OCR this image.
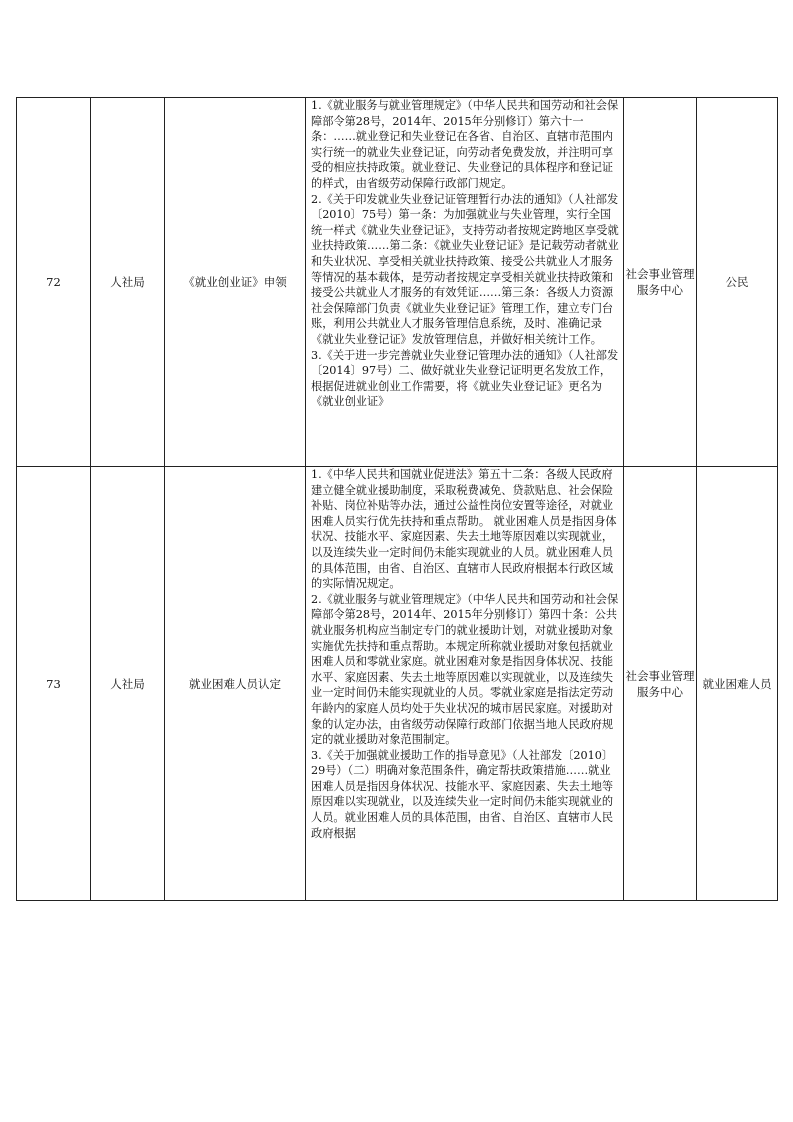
72	人社局	《就业创业证》申领	1.《就业服务与就业管理规定》（中华人民共和国劳动和社会保障部令第28号，2014年、2015年分别修订）第六十一条：……就业登记和失业登记在各省、自治区、直辖市范围内实行统一的就业失业登记证，向劳动者免费发放，并注明可享受的相应扶持政策。就业登记、失业登记的具体程序和登记证的样式，由省级劳动保障行政部门规定。

2.《关于印发就业失业登记证管理暂行办法的通知》（人社部发〔2010〕75号）第一条：为加强就业与失业管理，实行全国统一样式《就业失业登记证》，支持劳动者按规定跨地区享受就业扶持政策……第二条：《就业失业登记证》是记载劳动者就业和失业状况、享受相关就业扶持政策、接受公共就业人才服务等情况的基本载体，是劳动者按规定享受相关就业扶持政策和接受公共就业人才服务的有效凭证……第三条：各级人力资源社会保障部门负责《就业失业登记证》管理工作，建立专门台账，利用公共就业人才服务管理信息系统，及时、准确记录《就业失业登记证》发放管理信息，并做好相关统计工作。

3.《关于进一步完善就业失业登记管理办法的通知》（人社部发〔2014〕97号）二、做好就业失业登记证明更名发放工作，根据促进就业创业工作需要，将《就业失业登记证》更名为《就业创业证》	社会事业管理服务中心	公民
73	人社局	就业困难人员认定	1.《中华人民共和国就业促进法》第五十二条：各级人民政府建立健全就业援助制度，采取税费减免、贷款贴息、社会保险补贴、岗位补贴等办法，通过公益性岗位安置等途径，对就业困难人员实行优先扶持和重点帮助。 就业困难人员是指因身体状况、技能水平、家庭因素、失去土地等原因难以实现就业，以及连续失业一定时间仍未能实现就业的人员。就业困难人员的具体范围，由省、自治区、直辖市人民政府根据本行政区域的实际情况规定。

2.《就业服务与就业管理规定》（中华人民共和国劳动和社会保障部令第28号，2014年、2015年分别修订）第四十条：公共就业服务机构应当制定专门的就业援助计划，对就业援助对象实施优先扶持和重点帮助。本规定所称就业援助对象包括就业困难人员和零就业家庭。就业困难对象是指因身体状况、技能水平、家庭因素、失去土地等原因难以实现就业，以及连续失业一定时间仍未能实现就业的人员。零就业家庭是指法定劳动年龄内的家庭人员均处于失业状况的城市居民家庭。对援助对象的认定办法，由省级劳动保障行政部门依据当地人民政府规定的就业援助对象范围制定。

3.《关于加强就业援助工作的指导意见》（人社部发〔2010〕29号）（二）明确对象范围条件，确定帮扶政策措施……就业困难人员是指因身体状况、技能水平、家庭因素、失去土地等原因难以实现就业，以及连续失业一定时间仍未能实现就业的人员。就业困难人员的具体范围，由省、自治区、直辖市人民政府根据	社会事业管理服务中心	就业困难人员
